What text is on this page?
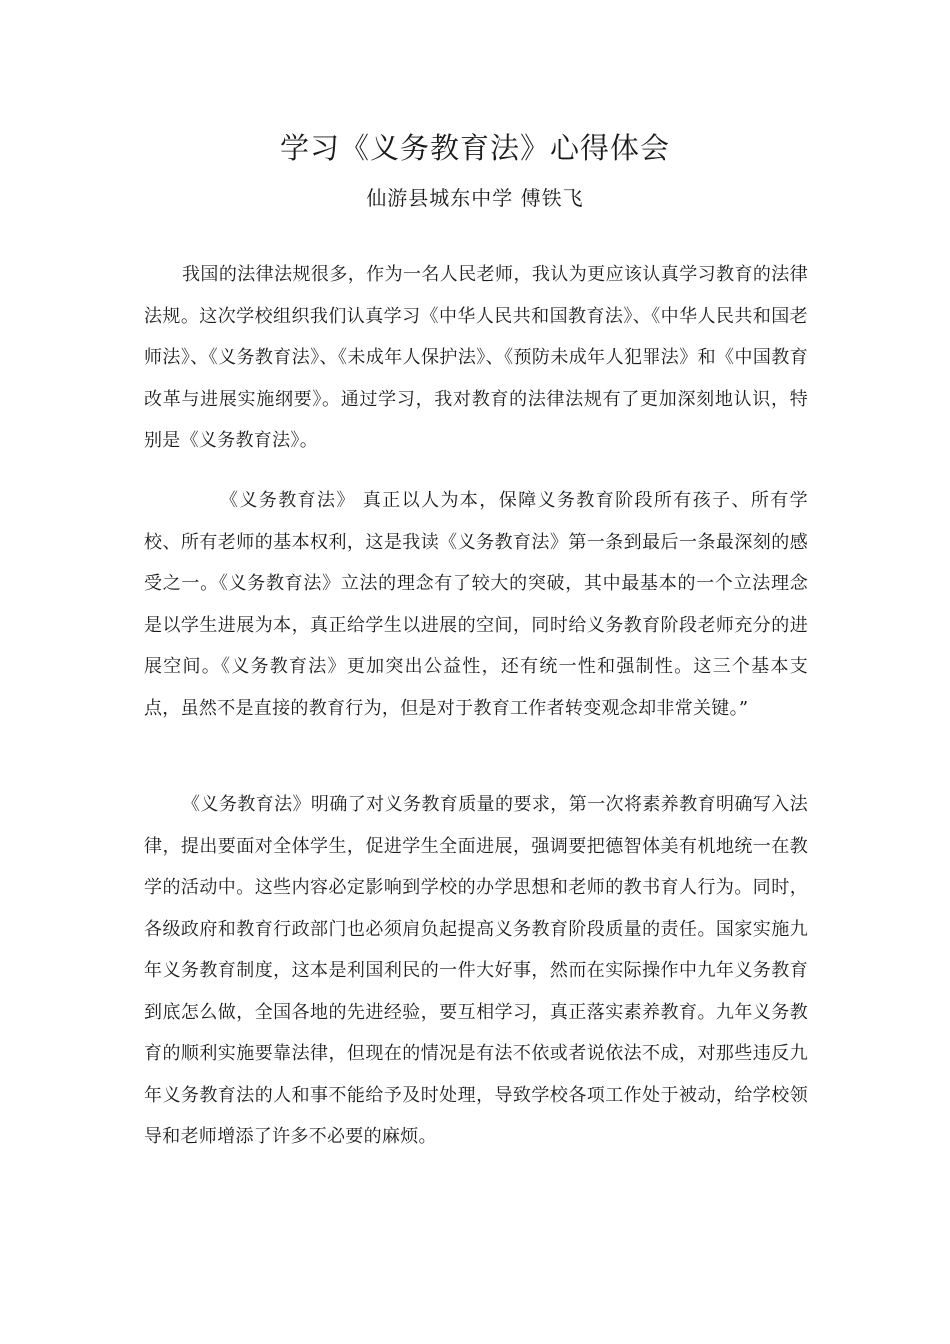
学习《义务教育法》心得体会
仙游县城东中学 傅铁飞
我国的法律法规很多，作为一名人民老师，我认为更应该认真学习教育的法律法规。这次学校组织我们认真学习《中华人民共和国教育法》、《中华人民共和国老师法》、《义务教育法》、《未成年人保护法》、《预防未成年人犯罪法》和《中国教育改革与进展实施纲要》。通过学习，我对教育的法律法规有了更加深刻地认识，特别是《义务教育法》。
《义务教育法》 真正以人为本，保障义务教育阶段所有孩子、所有学校、所有老师的基本权利，这是我读《义务教育法》第一条到最后一条最深刻的感受之一。《义务教育法》立法的理念有了较大的突破，其中最基本的一个立法理念是以学生进展为本，真正给学生以进展的空间，同时给义务教育阶段老师充分的进展空间。《义务教育法》更加突出公益性，还有统一性和强制性。这三个基本支点，虽然不是直接的教育行为，但是对于教育工作者转变观念却非常关键。”
《义务教育法》明确了对义务教育质量的要求，第一次将素养教育明确写入法律，提出要面对全体学生，促进学生全面进展，强调要把德智体美有机地统一在教学的活动中。这些内容必定影响到学校的办学思想和老师的教书育人行为。同时，各级政府和教育行政部门也必须肩负起提高义务教育阶段质量的责任。国家实施九年义务教育制度，这本是利国利民的一件大好事，然而在实际操作中九年义务教育到底怎么做，全国各地的先进经验，要互相学习，真正落实素养教育。九年义务教育的顺利实施要靠法律，但现在的情况是有法不依或者说依法不成，对那些违反九年义务教育法的人和事不能给予及时处理，导致学校各项工作处于被动，给学校领导和老师增添了许多不必要的麻烦。
